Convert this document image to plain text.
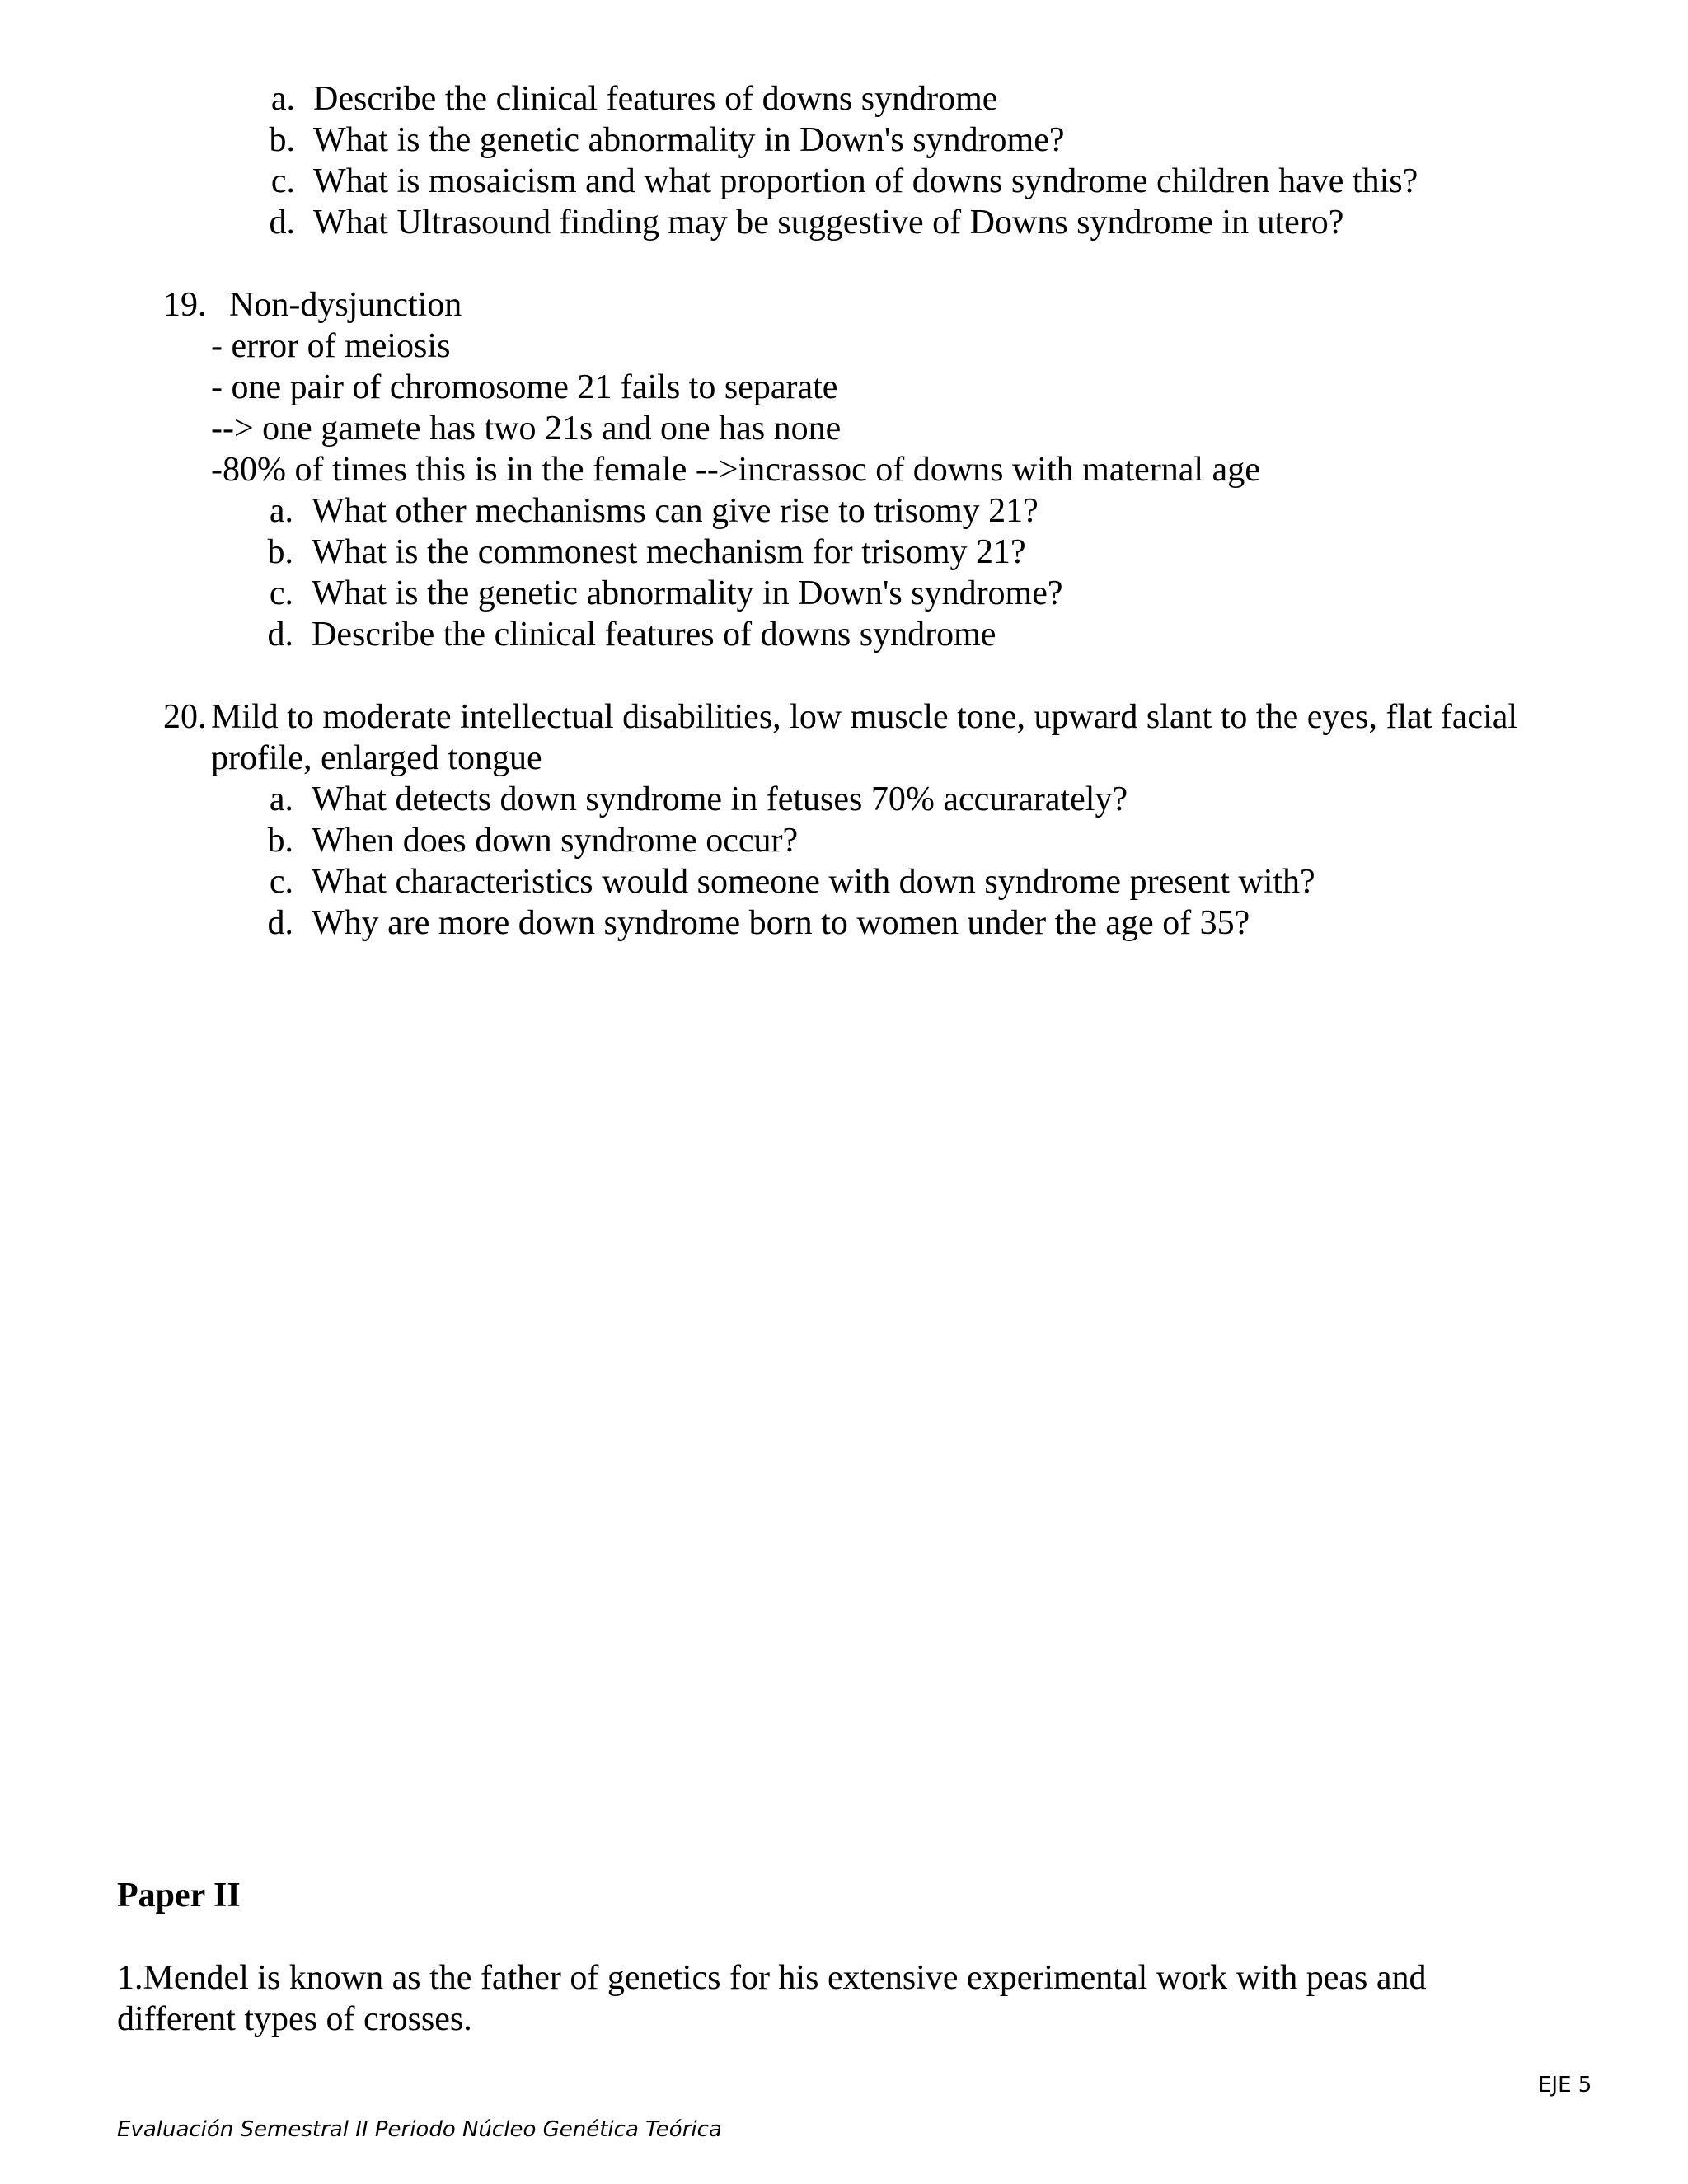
a. Describe the clinical features of downs syndrome
b. What is the genetic abnormality in Down's syndrome?
c. What is mosaicism and what proportion of downs syndrome children have this?
d. What Ultrasound finding may be suggestive of Downs syndrome in utero?
19. Non-dysjunction
- error of meiosis
- one pair of chromosome 21 fails to separate
--> one gamete has two 21s and one has none
-80% of times this is in the female -->incrassoc of downs with maternal age
a. What other mechanisms can give rise to trisomy 21?
b. What is the commonest mechanism for trisomy 21?
c. What is the genetic abnormality in Down's syndrome?
d. Describe the clinical features of downs syndrome
20. Mild to moderate intellectual disabilities, low muscle tone, upward slant to the eyes, flat facial
profile, enlarged tongue
a. What detects down syndrome in fetuses 70% accurarately?
b. When does down syndrome occur?
c. What characteristics would someone with down syndrome present with?
d. Why are more down syndrome born to women under the age of 35?
Paper II
1.Mendel is known as the father of genetics for his extensive experimental work with peas and
different types of crosses.
EJE 5
Evaluación Semestral II Periodo Núcleo Genética Teórica
